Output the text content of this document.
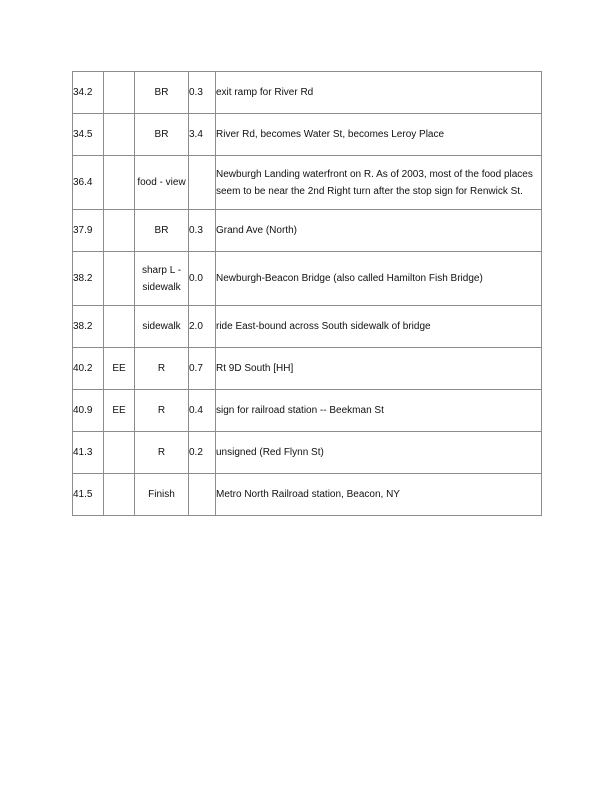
34.2		BR	0.3	exit ramp for River Rd
34.5		BR	3.4	River Rd, becomes Water St, becomes Leroy Place
36.4		food - view		Newburgh Landing waterfront on R. As of 2003, most of the food places seem to be near the 2nd Right turn after the stop sign for Renwick St.
37.9		BR	0.3	Grand Ave (North)
38.2		sharp L - sidewalk	0.0	Newburgh-Beacon Bridge (also called Hamilton Fish Bridge)
38.2		sidewalk	2.0	ride East-bound across South sidewalk of bridge
40.2	EE	R	0.7	Rt 9D South [HH]
40.9	EE	R	0.4	sign for railroad station -- Beekman St
41.3		R	0.2	unsigned (Red Flynn St)
41.5		Finish		Metro North Railroad station, Beacon, NY
